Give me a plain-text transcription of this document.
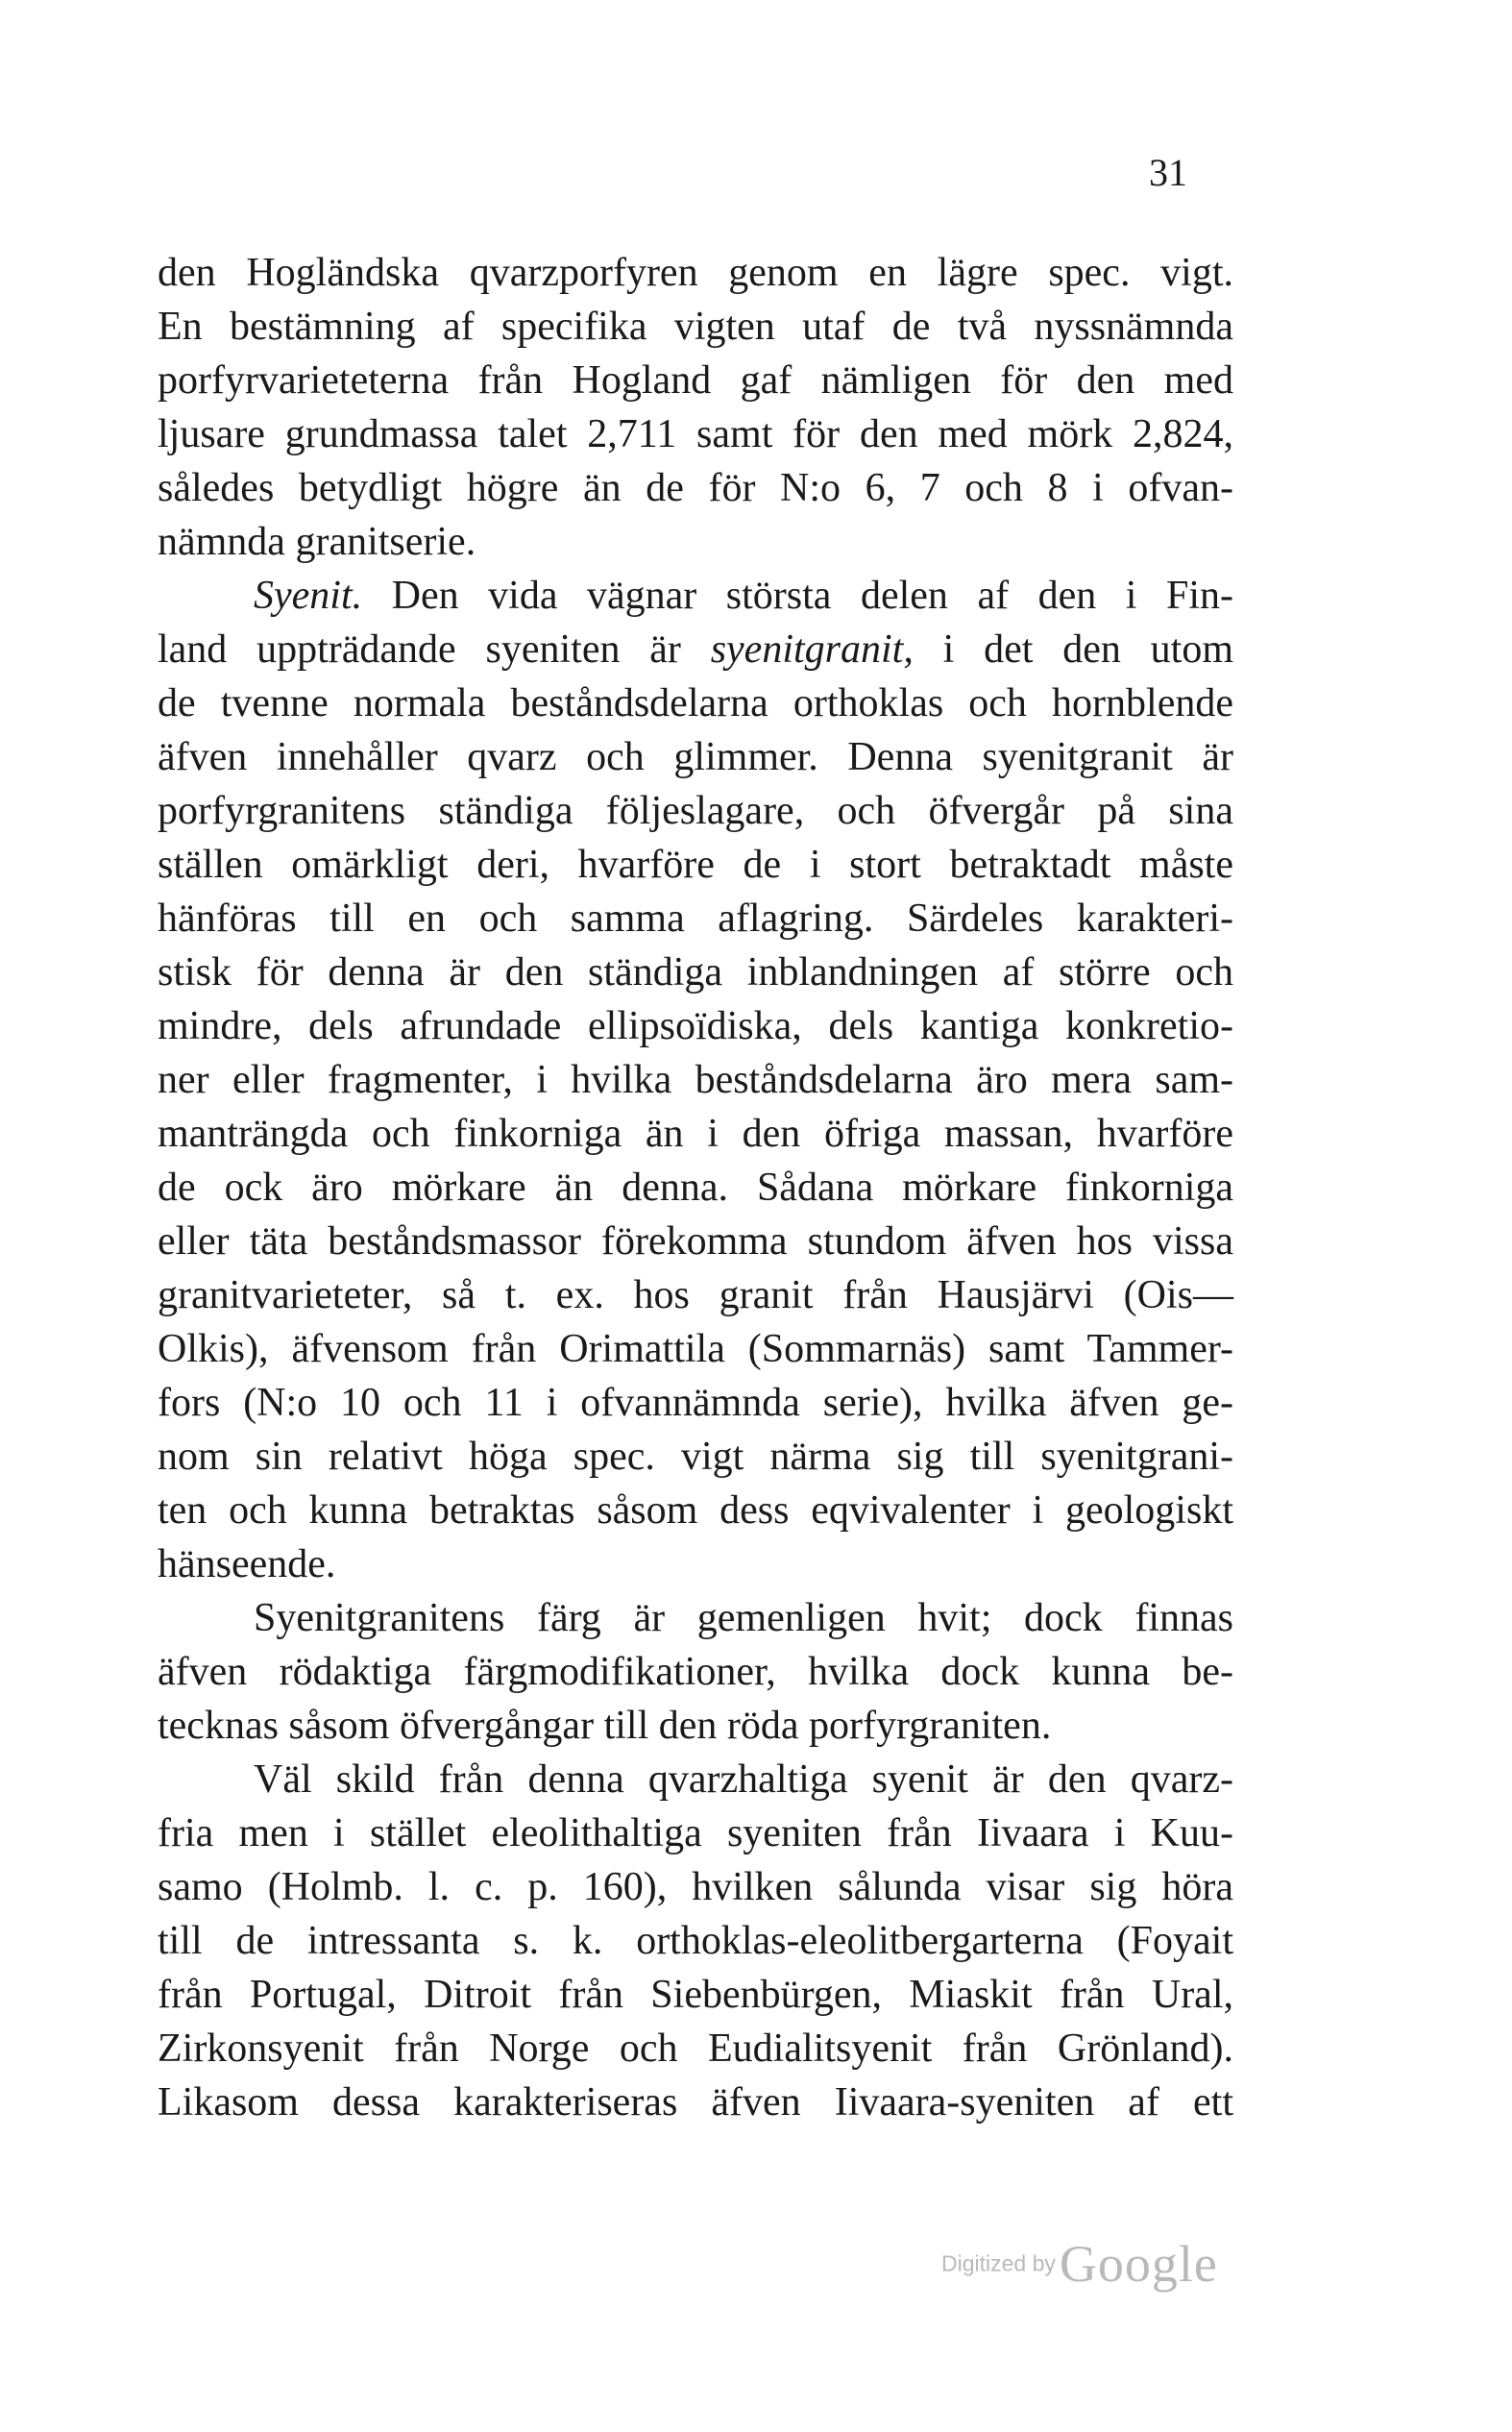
31
den Hogländska qvarzporfyren genom en lägre spec. vigt.
En bestämning af specifika vigten utaf de två nyssnämnda
porfyrvarieteterna från Hogland gaf nämligen för den med
ljusare grundmassa talet 2,711 samt för den med mörk 2,824,
således betydligt högre än de för N:o 6, 7 och 8 i ofvan-
nämnda granitserie.
Syenit. Den vida vägnar största delen af den i Fin-
land uppträdande syeniten är syenitgranit, i det den utom
de tvenne normala beståndsdelarna orthoklas och hornblende
äfven innehåller qvarz och glimmer. Denna syenitgranit är
porfyrgranitens ständiga följeslagare, och öfvergår på sina
ställen omärkligt deri, hvarföre de i stort betraktadt måste
hänföras till en och samma aflagring. Särdeles karakteri-
stisk för denna är den ständiga inblandningen af större och
mindre, dels afrundade ellipsoïdiska, dels kantiga konkretio-
ner eller fragmenter, i hvilka beståndsdelarna äro mera sam-
manträngda och finkorniga än i den öfriga massan, hvarföre
de ock äro mörkare än denna. Sådana mörkare finkorniga
eller täta beståndsmassor förekomma stundom äfven hos vissa
granitvarieteter, så t. ex. hos granit från Hausjärvi (Ois—
Olkis), äfvensom från Orimattila (Sommarnäs) samt Tammer-
fors (N:o 10 och 11 i ofvannämnda serie), hvilka äfven ge-
nom sin relativt höga spec. vigt närma sig till syenitgrani-
ten och kunna betraktas såsom dess eqvivalenter i geologiskt
hänseende.
Syenitgranitens färg är gemenligen hvit; dock finnas
äfven rödaktiga färgmodifikationer, hvilka dock kunna be-
tecknas såsom öfvergångar till den röda porfyrgraniten.
Väl skild från denna qvarzhaltiga syenit är den qvarz-
fria men i stället eleolithaltiga syeniten från Iivaara i Kuu-
samo (Holmb. l. c. p. 160), hvilken sålunda visar sig höra
till de intressanta s. k. orthoklas-eleolitbergarterna (Foyait
från Portugal, Ditroit från Siebenbürgen, Miaskit från Ural,
Zirkonsyenit från Norge och Eudialitsyenit från Grönland).
Likasom dessa karakteriseras äfven Iivaara-syeniten af ett
Digitized by Google
